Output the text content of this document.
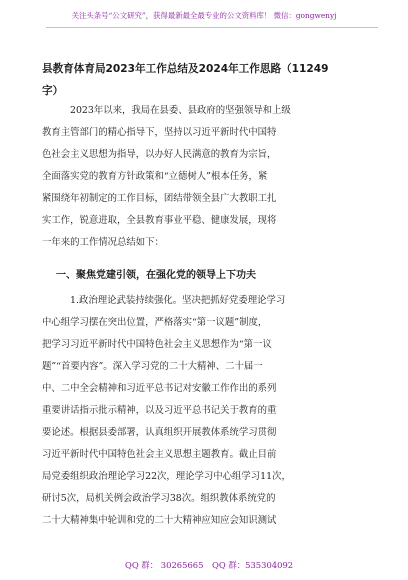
关注头条号“公文研究”，获得最新最全最专业的公文资料库！ 微信：gongwenyj
县教育体育局2023年工作总结及2024年工作思路（11249
字）
2023年以来，我局在县委、县政府的坚强领导和上级
教育主管部门的精心指导下，坚持以习近平新时代中国特
色社会主义思想为指导，以办好人民满意的教育为宗旨，
全面落实党的教育方针政策和“立德树人”根本任务，紧
紧围绕年初制定的工作目标，团结带领全县广大教职工扎
实工作，锐意进取，全县教育事业平稳、健康发展，现将
一年来的工作情况总结如下：
一、聚焦党建引领，在强化党的领导上下功夫
1.政治理论武装持续强化。坚决把抓好党委理论学习
中心组学习摆在突出位置，严格落实“第一议题”制度，
把学习习近平新时代中国特色社会主义思想作为“第一议
题”“首要内容”。深入学习党的二十大精神、二十届一
中、二中全会精神和习近平总书记对安徽工作作出的系列
重要讲话指示批示精神，以及习近平总书记关于教育的重
要论述。根据县委部署，认真组织开展教体系统学习贯彻
习近平新时代中国特色社会主义思想主题教育。截止目前
局党委组织政治理论学习22次，理论学习中心组学习11次，
研讨5次，局机关例会政治学习38次。组织教体系统党的
二十大精神集中轮训和党的二十大精神应知应会知识测试
QQ 群： 30265665 QQ 群：535304092
